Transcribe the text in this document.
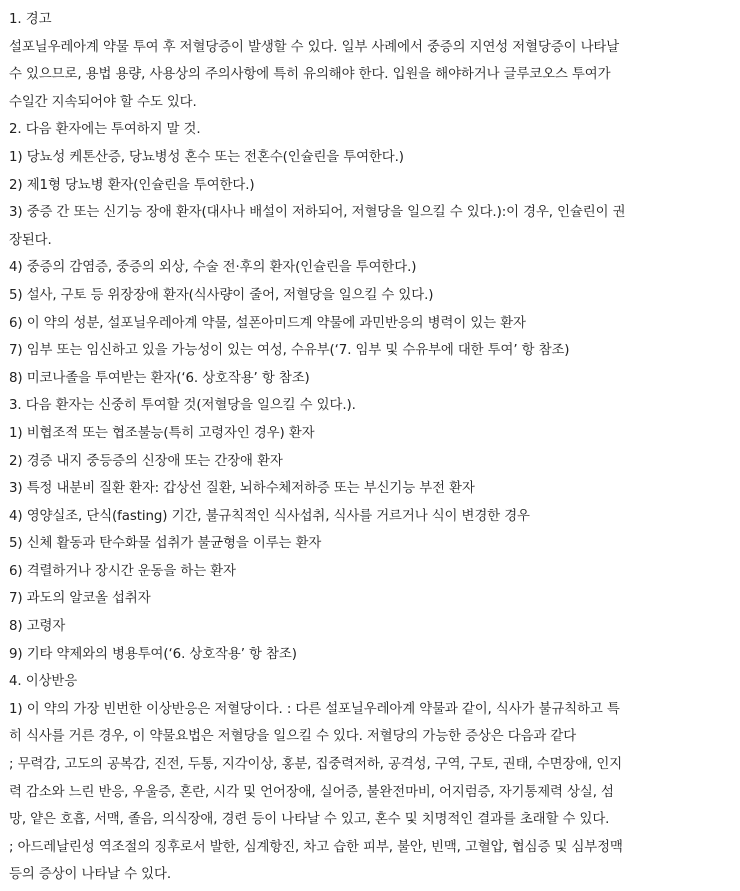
1. 경고
설포닐우레아계 약물 투여 후 저혈당증이 발생할 수 있다. 일부 사례에서 중증의 지연성 저혈당증이 나타날
수 있으므로, 용법 용량, 사용상의 주의사항에 특히 유의해야 한다. 입원을 해야하거나 글루코오스 투여가
수일간 지속되어야 할 수도 있다.
2. 다음 환자에는 투여하지 말 것.
1) 당뇨성 케톤산증, 당뇨병성 혼수 또는 전혼수(인슐린을 투여한다.)
2) 제1형 당뇨병 환자(인슐린을 투여한다.)
3) 중증 간 또는 신기능 장애 환자(대사나 배설이 저하되어, 저혈당을 일으킬 수 있다.):이 경우, 인슐린이 권
장된다.
4) 중증의 감염증, 중증의 외상, 수술 전·후의 환자(인슐린을 투여한다.)
5) 설사, 구토 등 위장장애 환자(식사량이 줄어, 저혈당을 일으킬 수 있다.)
6) 이 약의 성분, 설포닐우레아계 약물, 설폰아미드계 약물에 과민반응의 병력이 있는 환자
7) 임부 또는 임신하고 있을 가능성이 있는 여성, 수유부(‘7. 임부 및 수유부에 대한 투여’ 항 참조)
8) 미코나졸을 투여받는 환자(‘6. 상호작용’ 항 참조)
3. 다음 환자는 신중히 투여할 것(저혈당을 일으킬 수 있다.).
1) 비협조적 또는 협조불능(특히 고령자인 경우) 환자
2) 경증 내지 중등증의 신장애 또는 간장애 환자
3) 특정 내분비 질환 환자: 갑상선 질환, 뇌하수체저하증 또는 부신기능 부전 환자
4) 영양실조, 단식(fasting) 기간, 불규칙적인 식사섭취, 식사를 거르거나 식이 변경한 경우
5) 신체 활동과 탄수화물 섭취가 불균형을 이루는 환자
6) 격렬하거나 장시간 운동을 하는 환자
7) 과도의 알코올 섭취자
8) 고령자
9) 기타 약제와의 병용투여(‘6. 상호작용’ 항 참조)
4. 이상반응
1) 이 약의 가장 빈번한 이상반응은 저혈당이다. : 다른 설포닐우레아계 약물과 같이, 식사가 불규칙하고 특
히 식사를 거른 경우, 이 약물요법은 저혈당을 일으킬 수 있다. 저혈당의 가능한 증상은 다음과 같다
; 무력감, 고도의 공복감, 진전, 두통, 지각이상, 홍분, 집중력저하, 공격성, 구역, 구토, 권태, 수면장애, 인지
력 감소와 느린 반응, 우울증, 혼란, 시각 및 언어장애, 실어증, 불완전마비, 어지럼증, 자기통제력 상실, 섬
망, 얕은 호흡, 서맥, 졸음, 의식장애, 경련 등이 나타날 수 있고, 혼수 및 치명적인 결과를 초래할 수 있다.
; 아드레날린성 역조절의 징후로서 발한, 심계항진, 차고 습한 피부, 불안, 빈맥, 고혈압, 협심증 및 심부정맥
등의 증상이 나타날 수 있다.
